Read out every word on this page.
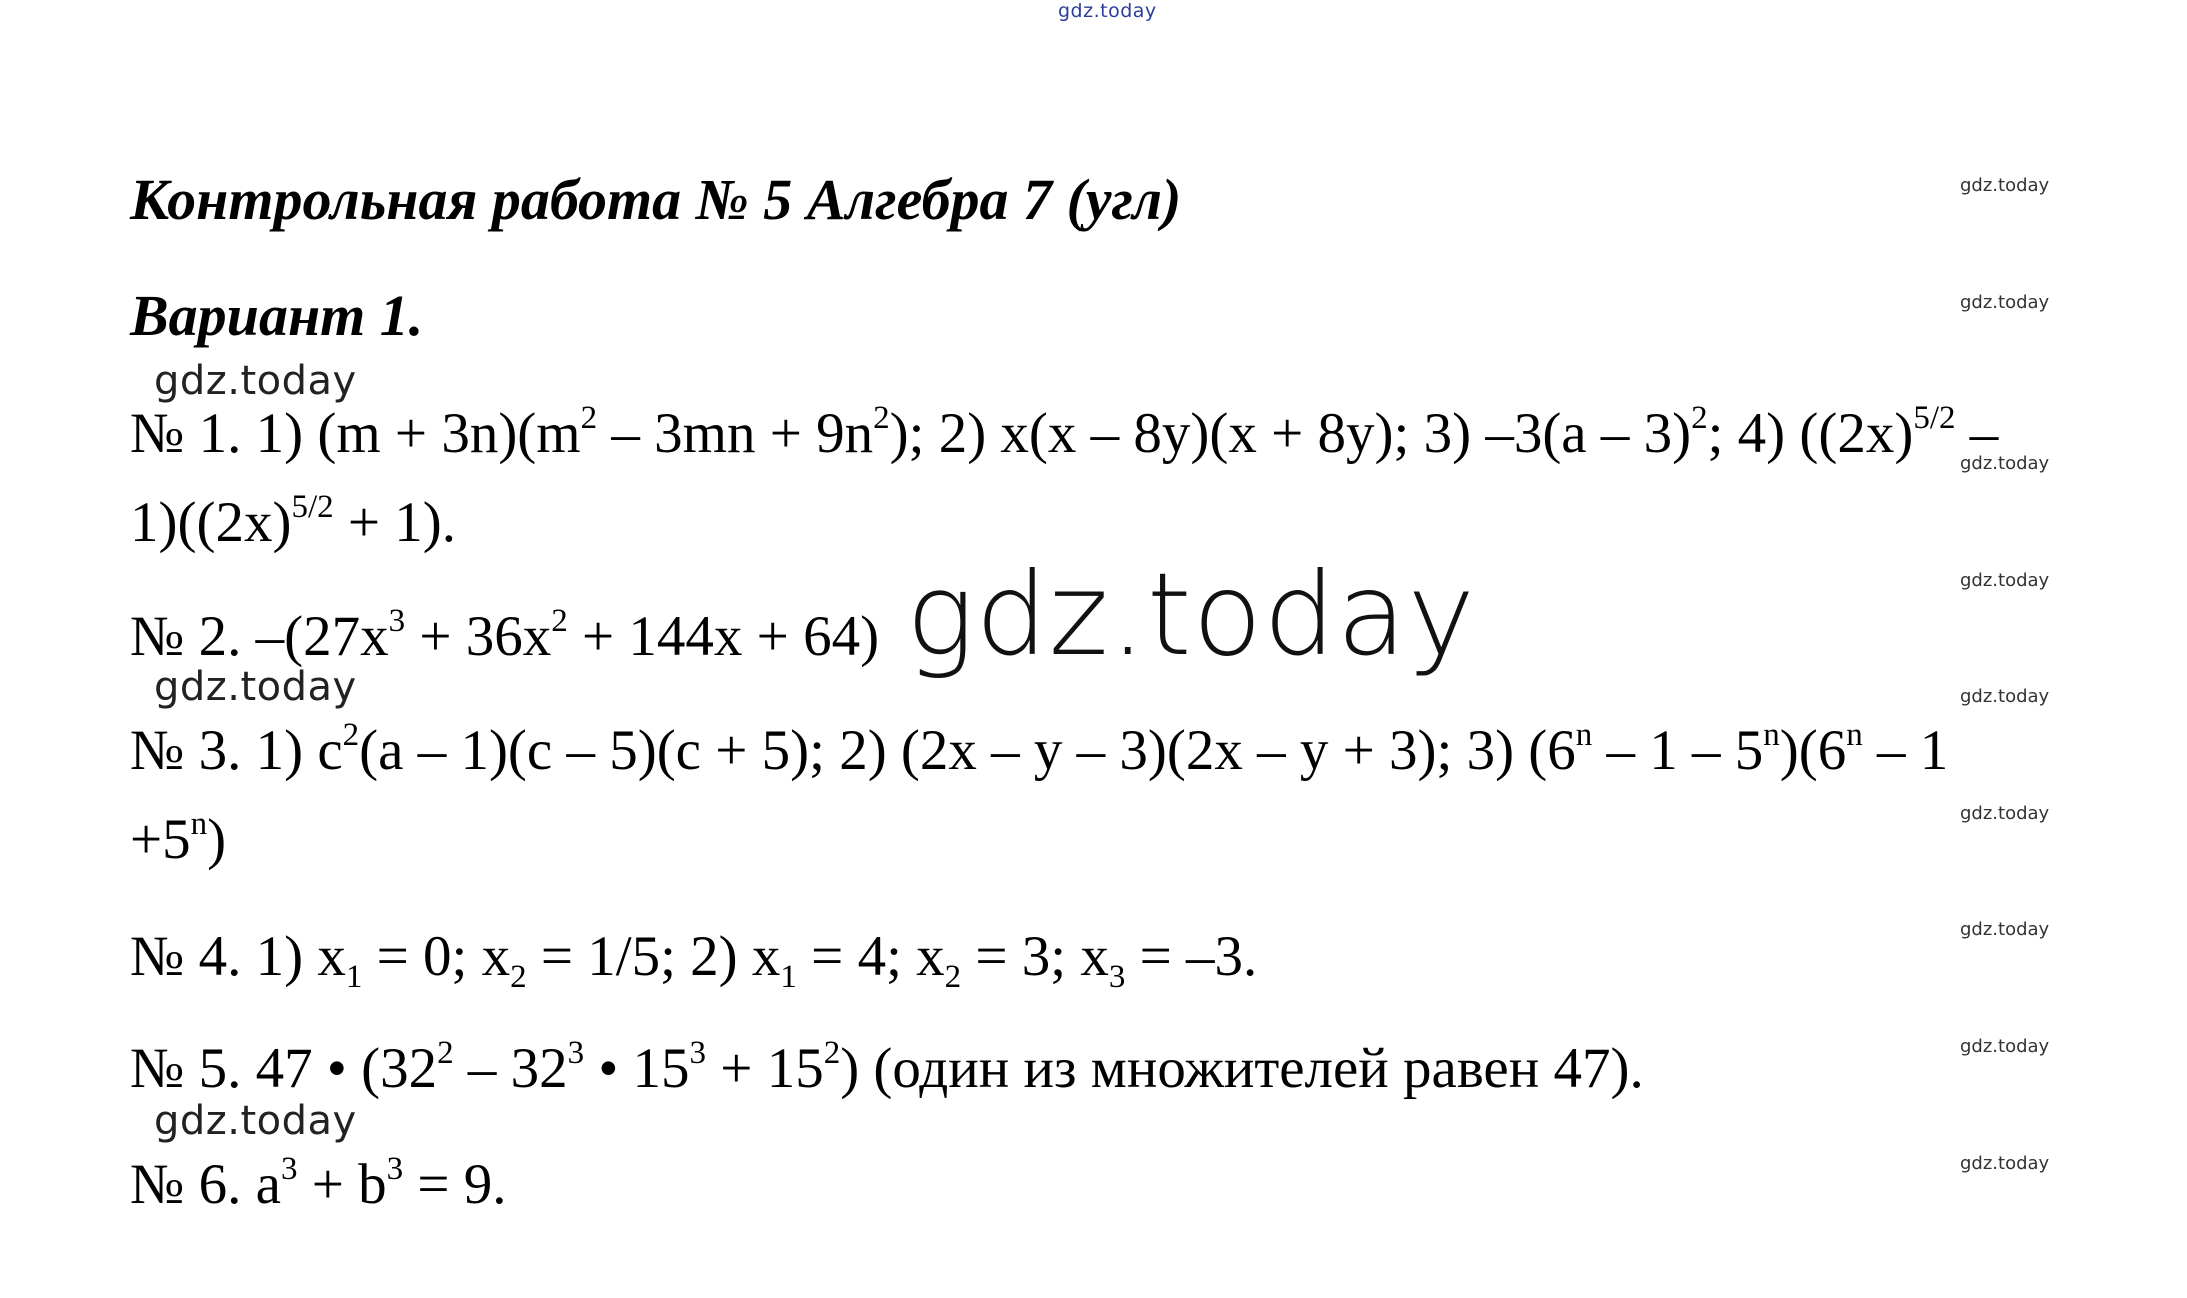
gdz.today
gdz.today
gdz.today
gdz.today
gdz.today
gdz.today
gdz.today
gdz.today
gdz.today
gdz.today
gdz.today
gdz.today
gdz.today
gdz.today
Контрольная работа № 5 Алгебра 7 (угл)
Вариант 1.
№ 1. 1) $(m + 3n)(m^2 - 3mn + 9n^2)$; 2) x(x – 8y)(x + 8y); 3) –3(a – 3)$^2$; 4) ($(2x)^{5/2}$ –
$1)((2x)^{5/2} + 1)$.
№ 2. $-(27x^3 + 36x^2 + 144x + 64)$
№ 3. 1) $c^2(a - 1)(c - 5)(c + 5)$; 2) (2x – y – 3)(2x – y + 3); 3) (6$^n$ – 1 – 5$^n$)(6$^n$ – 1
$+5^n$)
№ 4. 1) $x_1 = 0$; $x_2 = 1/5$; 2) $x_1 = 4$; $x_2 = 3$; $x_3 = -3$.
№ 5. 47 • ($32^2 - 32^3$ • $15^3 + 15^2$) (один из множителей равен 47).
№ 6. $a^3 + b^3 = 9$.
